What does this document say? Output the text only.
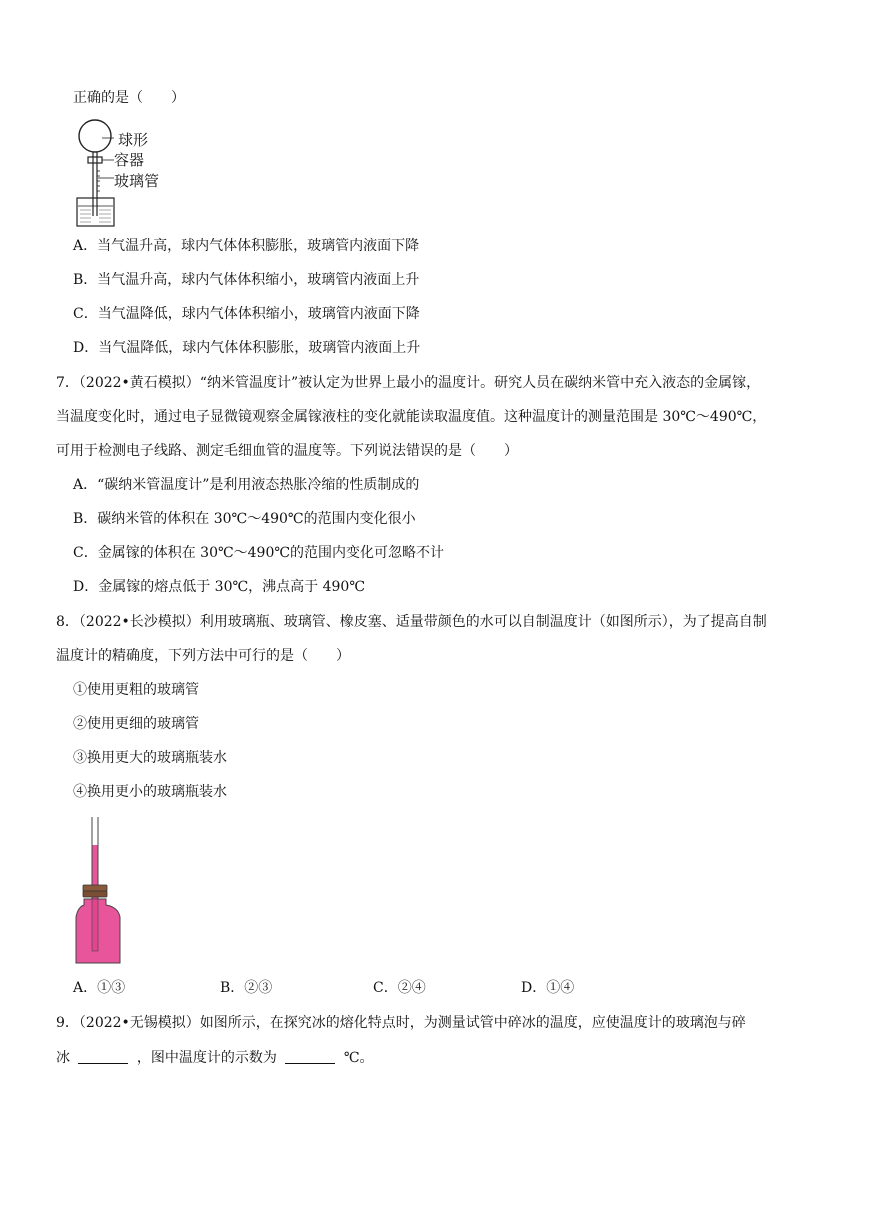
正确的是（　　）
球形
容器
玻璃管
A．当气温升高，球内气体体积膨胀，玻璃管内液面下降
B．当气温升高，球内气体体积缩小，玻璃管内液面上升
C．当气温降低，球内气体体积缩小，玻璃管内液面下降
D．当气温降低，球内气体体积膨胀，玻璃管内液面上升
7．（2022•黄石模拟）“纳米管温度计”被认定为世界上最小的温度计。研究人员在碳纳米管中充入液态的金属镓，
当温度变化时，通过电子显微镜观察金属镓液柱的变化就能读取温度值。这种温度计的测量范围是 30℃～490℃，
可用于检测电子线路、测定毛细血管的温度等。下列说法错误的是（　　）
A．“碳纳米管温度计”是利用液态热胀冷缩的性质制成的
B．碳纳米管的体积在 30℃～490℃的范围内变化很小
C．金属镓的体积在 30℃～490℃的范围内变化可忽略不计
D．金属镓的熔点低于 30℃，沸点高于 490℃
8．（2022•长沙模拟）利用玻璃瓶、玻璃管、橡皮塞、适量带颜色的水可以自制温度计（如图所示），为了提高自制
温度计的精确度，下列方法中可行的是（　　）
①使用更粗的玻璃管
②使用更细的玻璃管
③换用更大的玻璃瓶装水
④换用更小的玻璃瓶装水
A．①③	B．②③	C．②④	D．①④
9．（2022•无锡模拟）如图所示，在探究冰的熔化特点时，为测量试管中碎冰的温度，应使温度计的玻璃泡与碎
冰	，图中温度计的示数为	℃。
